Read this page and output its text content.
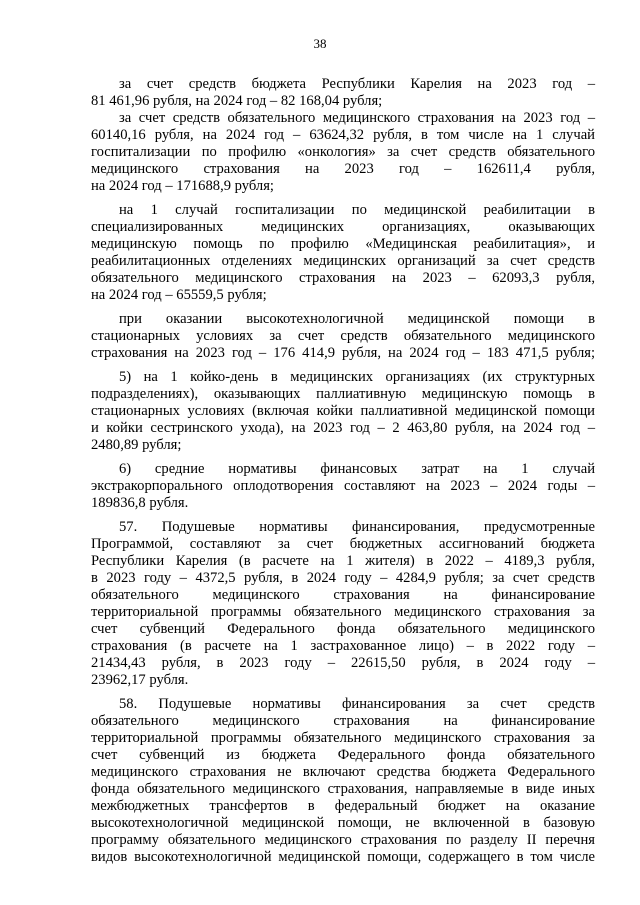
38
за счет средств бюджета Республики Карелия на 2023 год –
81 461,96 рубля, на 2024 год – 82 168,04 рубля;
за счет средств обязательного медицинского страхования на 2023 год –
60140,16 рубля, на 2024 год – 63624,32 рубля, в том числе на 1 случай
госпитализации по профилю «онкология» за счет средств обязательного
медицинского страхования на 2023 год – 162611,4 рубля,
на 2024 год – 171688,9 рубля;
на 1 случай госпитализации по медицинской реабилитации в
специализированных медицинских организациях, оказывающих
медицинскую помощь по профилю «Медицинская реабилитация», и
реабилитационных отделениях медицинских организаций за счет средств
обязательного медицинского страхования на 2023 – 62093,3 рубля,
на 2024 год – 65559,5 рубля;
при оказании высокотехнологичной медицинской помощи в
стационарных условиях за счет средств обязательного медицинского
страхования на 2023 год – 176 414,9 рубля, на 2024 год – 183 471,5 рубля;
5) на 1 койко-день в медицинских организациях (их структурных
подразделениях), оказывающих паллиативную медицинскую помощь в
стационарных условиях (включая койки паллиативной медицинской помощи
и койки сестринского ухода), на 2023 год – 2 463,80 рубля, на 2024 год –
2480,89 рубля;
6) средние нормативы финансовых затрат на 1 случай
экстракорпорального оплодотворения составляют на 2023 – 2024 годы –
189836,8 рубля.
57. Подушевые нормативы финансирования, предусмотренные
Программой, составляют за счет бюджетных ассигнований бюджета
Республики Карелия (в расчете на 1 жителя) в 2022 – 4189,3 рубля,
в 2023 году – 4372,5 рубля, в 2024 году – 4284,9 рубля; за счет средств
обязательного медицинского страхования на финансирование
территориальной программы обязательного медицинского страхования за
счет субвенций Федерального фонда обязательного медицинского
страхования (в расчете на 1 застрахованное лицо) – в 2022 году –
21434,43 рубля, в 2023 году – 22615,50 рубля, в 2024 году –
23962,17 рубля.
58. Подушевые нормативы финансирования за счет средств
обязательного медицинского страхования на финансирование
территориальной программы обязательного медицинского страхования за
счет субвенций из бюджета Федерального фонда обязательного
медицинского страхования не включают средства бюджета Федерального
фонда обязательного медицинского страхования, направляемые в виде иных
межбюджетных трансфертов в федеральный бюджет на оказание
высокотехнологичной медицинской помощи, не включенной в базовую
программу обязательного медицинского страхования по разделу II перечня
видов высокотехнологичной медицинской помощи, содержащего в том числе
